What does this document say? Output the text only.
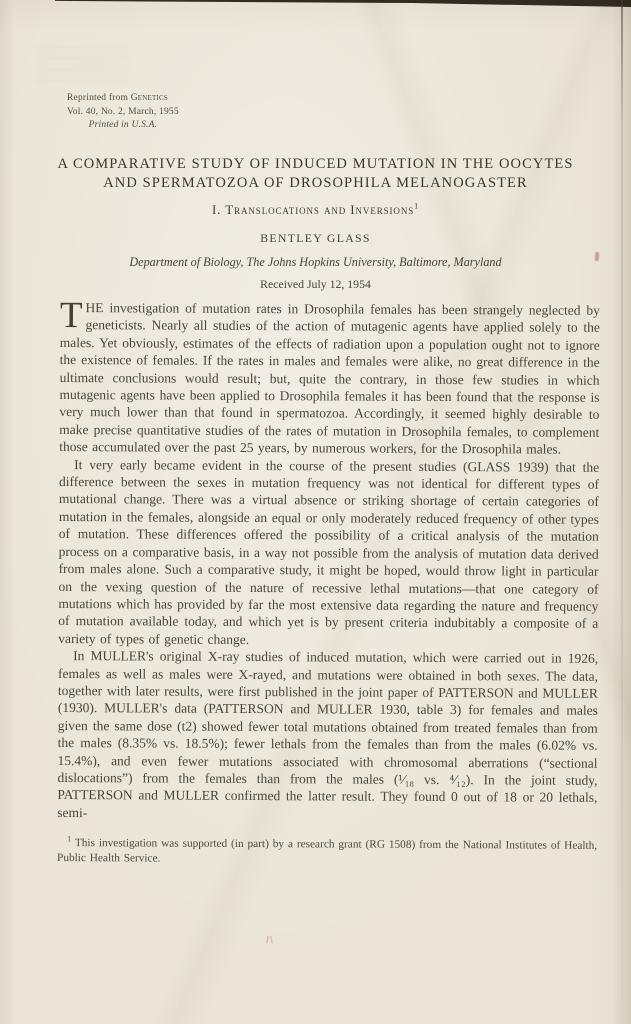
Reprinted from Genetics
Vol. 40, No. 2, March, 1955
Printed in U.S.A.
A COMPARATIVE STUDY OF INDUCED MUTATION IN THE OOCYTES
AND SPERMATOZOA OF DROSOPHILA MELANOGASTER
I. Translocations and Inversions$^1$
BENTLEY GLASS
Department of Biology, The Johns Hopkins University, Baltimore, Maryland
Received July 12, 1954

THE investigation of mutation rates in Drosophila females has been strangely neglected by geneticists. Nearly all studies of the action of mutagenic agents have applied solely to the males. Yet obviously, estimates of the effects of radiation upon a population ought not to ignore the existence of females. If the rates in males and females were alike, no great difference in the ultimate conclusions would result; but, quite the contrary, in those few studies in which mutagenic agents have been applied to Drosophila females it has been found that the response is very much lower than that found in spermatozoa. Accordingly, it seemed highly desirable to make precise quantitative studies of the rates of mutation in Drosophila females, to complement those accumulated over the past 25 years, by numerous workers, for the Drosophila males.

It very early became evident in the course of the present studies (GLASS 1939) that the difference between the sexes in mutation frequency was not identical for different types of mutational change. There was a virtual absence or striking shortage of certain categories of mutation in the females, alongside an equal or only moderately reduced frequency of other types of mutation. These differences offered the possibility of a critical analysis of the mutation process on a comparative basis, in a way not possible from the analysis of mutation data derived from males alone. Such a comparative study, it might be hoped, would throw light in particular on the vexing question of the nature of recessive lethal mutations—that one category of mutations which has provided by far the most extensive data regarding the nature and frequency of mutation available today, and which yet is by present criteria indubitably a composite of a variety of types of genetic change.

In MULLER's original X-ray studies of induced mutation, which were carried out in 1926, females as well as males were X-rayed, and mutations were obtained in both sexes. The data, together with later results, were first published in the joint paper of PATTERSON and MULLER (1930). MULLER's data (PATTERSON and MULLER 1930, table 3) for females and males given the same dose (t2) showed fewer total mutations obtained from treated females than from the males (8.35% vs. 18.5%); fewer lethals from the females than from the males (6.02% vs. 15.4%), and even fewer mutations associated with chromosomal aberrations (“sectional dislocations”) from the females than from the males (¹⁄₁₈ vs. ⁴⁄₁₂). In the joint study, PATTERSON and MULLER confirmed the latter result. They found 0 out of 18 or 20 lethals, semi-

$^1$ This investigation was supported (in part) by a research grant (RG 1508) from the National Institutes of Health, Public Health Service.
